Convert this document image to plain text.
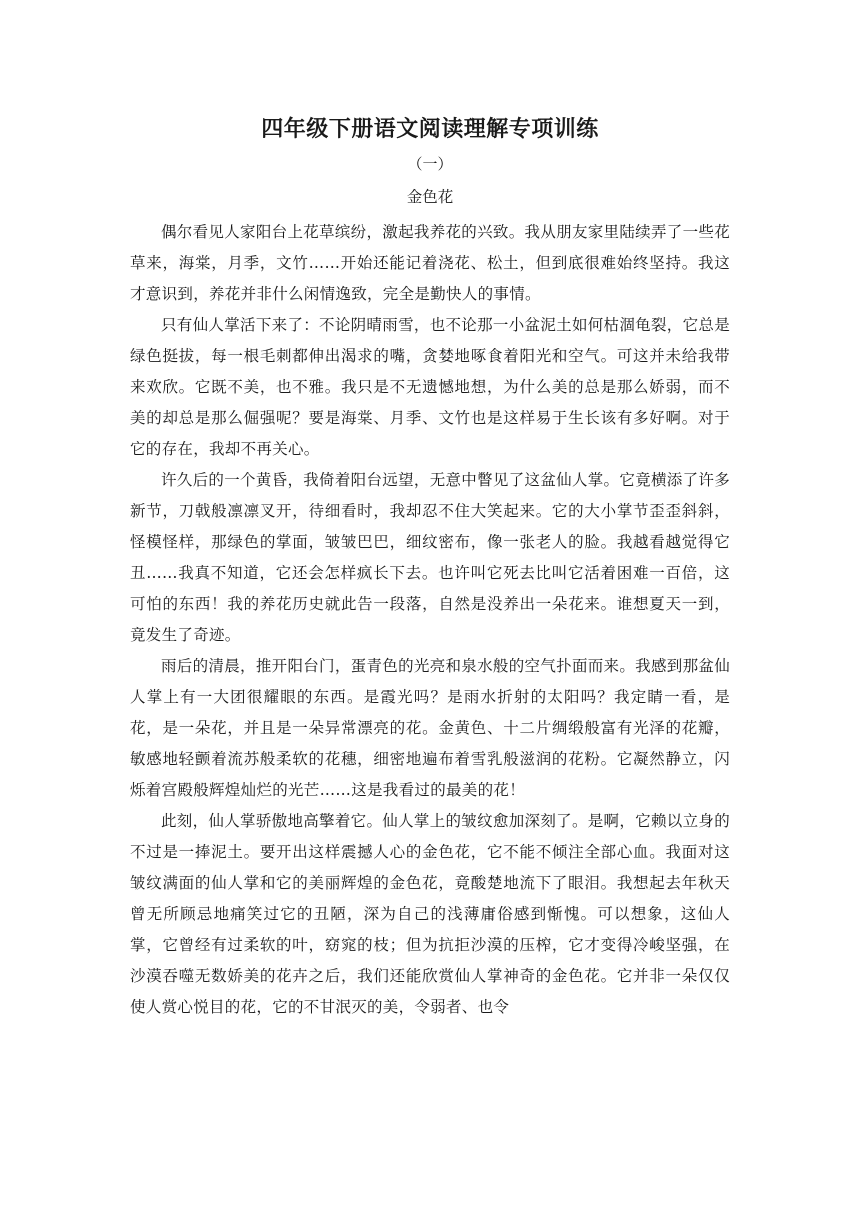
四年级下册语文阅读理解专项训练
（一）
金色花

偶尔看见人家阳台上花草缤纷，激起我养花的兴致。我从朋友家里陆续弄了一些花草来，海棠，月季，文竹……开始还能记着浇花、松土，但到底很难始终坚持。我这才意识到，养花并非什么闲情逸致，完全是勤快人的事情。

只有仙人掌活下来了：不论阴晴雨雪，也不论那一小盆泥土如何枯涸龟裂，它总是绿色挺拔，每一根毛刺都伸出渴求的嘴，贪婪地啄食着阳光和空气。可这并未给我带来欢欣。它既不美，也不雅。我只是不无遗憾地想，为什么美的总是那么娇弱，而不美的却总是那么倔强呢？要是海棠、月季、文竹也是这样易于生长该有多好啊。对于它的存在，我却不再关心。

许久后的一个黄昏，我倚着阳台远望，无意中瞥见了这盆仙人掌。它竟横添了许多新节，刀戟般凛凛叉开，待细看时，我却忍不住大笑起来。它的大小掌节歪歪斜斜，怪模怪样，那绿色的掌面，皱皱巴巴，细纹密布，像一张老人的脸。我越看越觉得它丑……我真不知道，它还会怎样疯长下去。也许叫它死去比叫它活着困难一百倍，这可怕的东西！我的养花历史就此告一段落，自然是没养出一朵花来。谁想夏天一到，竟发生了奇迹。

雨后的清晨，推开阳台门，蛋青色的光亮和泉水般的空气扑面而来。我感到那盆仙人掌上有一大团很耀眼的东西。是霞光吗？是雨水折射的太阳吗？我定睛一看，是花，是一朵花，并且是一朵异常漂亮的花。金黄色、十二片绸缎般富有光泽的花瓣，敏感地轻颤着流苏般柔软的花穗，细密地遍布着雪乳般滋润的花粉。它凝然静立，闪烁着宫殿般辉煌灿烂的光芒……这是我看过的最美的花！

此刻，仙人掌骄傲地高擎着它。仙人掌上的皱纹愈加深刻了。是啊，它赖以立身的不过是一捧泥土。要开出这样震撼人心的金色花，它不能不倾注全部心血。我面对这皱纹满面的仙人掌和它的美丽辉煌的金色花，竟酸楚地流下了眼泪。我想起去年秋天曾无所顾忌地痛笑过它的丑陋，深为自己的浅薄庸俗感到惭愧。可以想象，这仙人掌，它曾经有过柔软的叶，窈窕的枝；但为抗拒沙漠的压榨，它才变得冷峻坚强，在沙漠吞噬无数娇美的花卉之后，我们还能欣赏仙人掌神奇的金色花。它并非一朵仅仅使人赏心悦目的花，它的不甘泯灭的美，令弱者、也令
